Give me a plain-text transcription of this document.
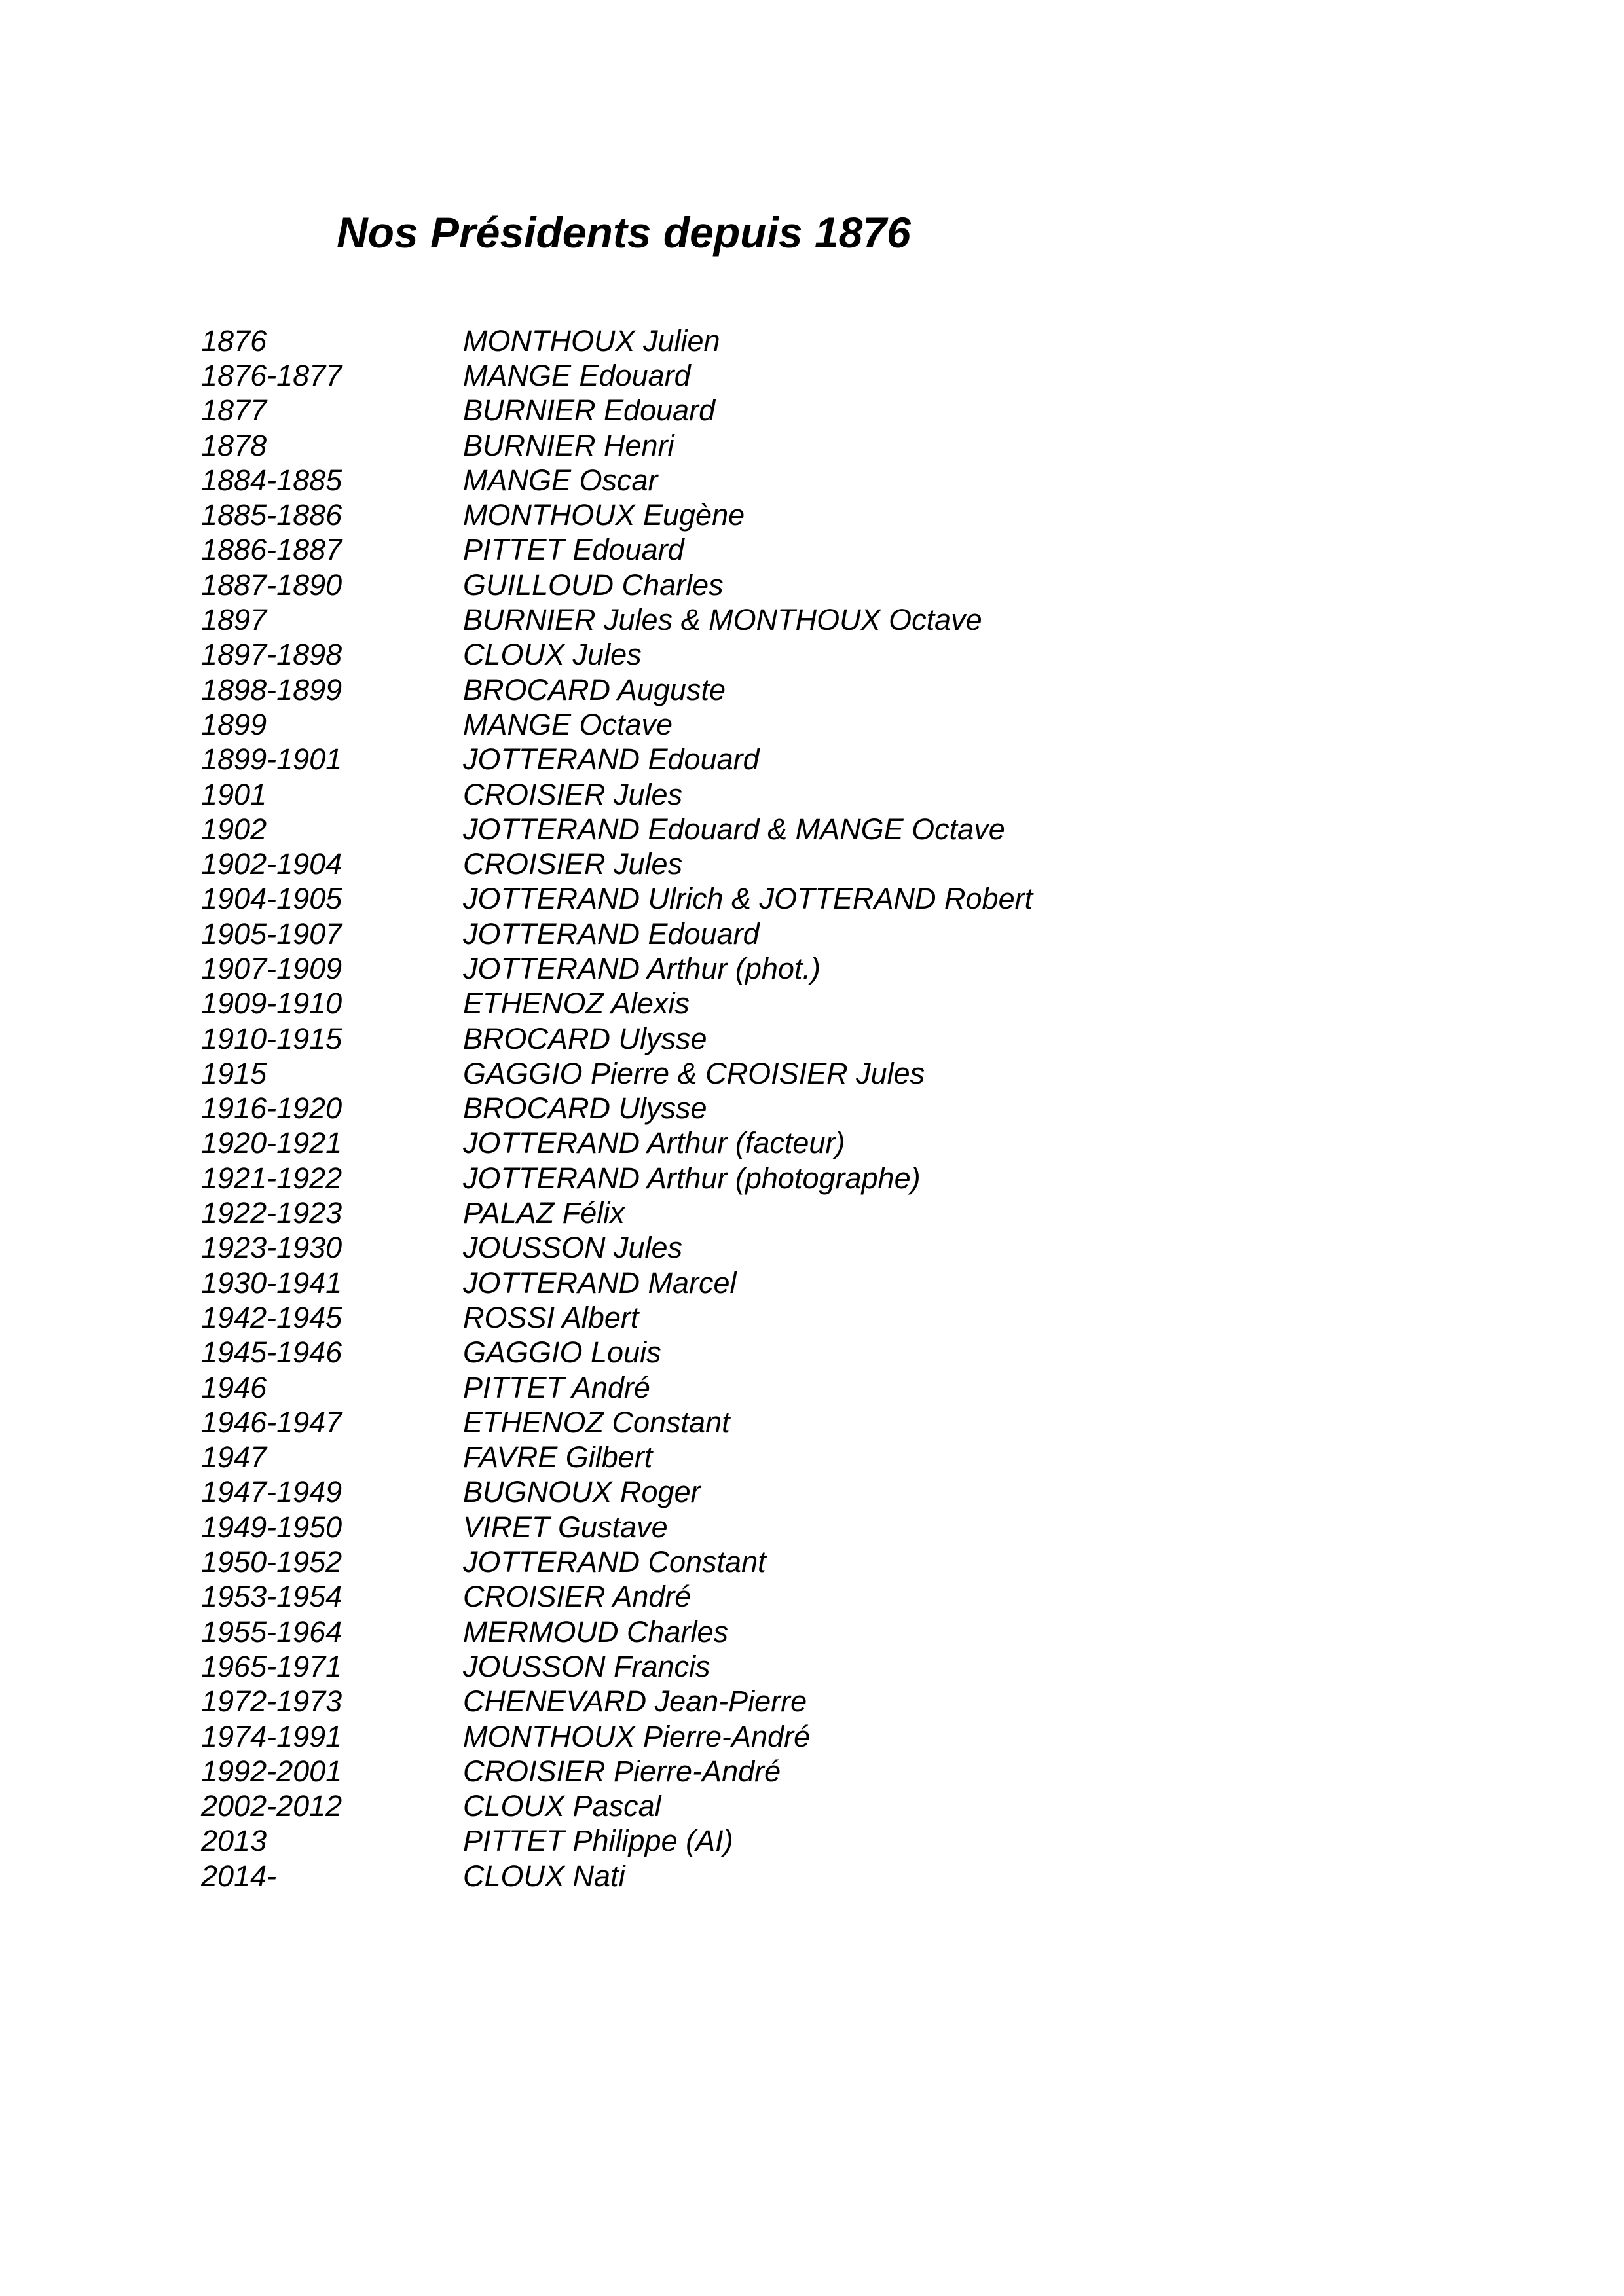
Nos Présidents depuis 1876
1876	MONTHOUX Julien
1876-1877	MANGE Edouard
1877	BURNIER Edouard
1878	BURNIER Henri
1884-1885	MANGE Oscar
1885-1886	MONTHOUX Eugène
1886-1887	PITTET Edouard
1887-1890	GUILLOUD Charles
1897	BURNIER Jules & MONTHOUX Octave
1897-1898	CLOUX Jules
1898-1899	BROCARD Auguste
1899	MANGE Octave
1899-1901	JOTTERAND Edouard
1901	CROISIER Jules
1902	JOTTERAND Edouard & MANGE Octave
1902-1904	CROISIER Jules
1904-1905	JOTTERAND Ulrich & JOTTERAND Robert
1905-1907	JOTTERAND Edouard
1907-1909	JOTTERAND Arthur (phot.)
1909-1910	ETHENOZ Alexis
1910-1915	BROCARD Ulysse
1915	GAGGIO Pierre & CROISIER Jules
1916-1920	BROCARD Ulysse
1920-1921	JOTTERAND Arthur (facteur)
1921-1922	JOTTERAND Arthur (photographe)
1922-1923	PALAZ Félix
1923-1930	JOUSSON Jules
1930-1941	JOTTERAND Marcel
1942-1945	ROSSI Albert
1945-1946	GAGGIO Louis
1946	PITTET André
1946-1947	ETHENOZ Constant
1947	FAVRE Gilbert
1947-1949	BUGNOUX Roger
1949-1950	VIRET Gustave
1950-1952	JOTTERAND Constant
1953-1954	CROISIER André
1955-1964	MERMOUD Charles
1965-1971	JOUSSON Francis
1972-1973	CHENEVARD Jean-Pierre
1974-1991	MONTHOUX Pierre-André
1992-2001	CROISIER Pierre-André
2002-2012	CLOUX Pascal
2013	PITTET Philippe (AI)
2014-	CLOUX Nati
